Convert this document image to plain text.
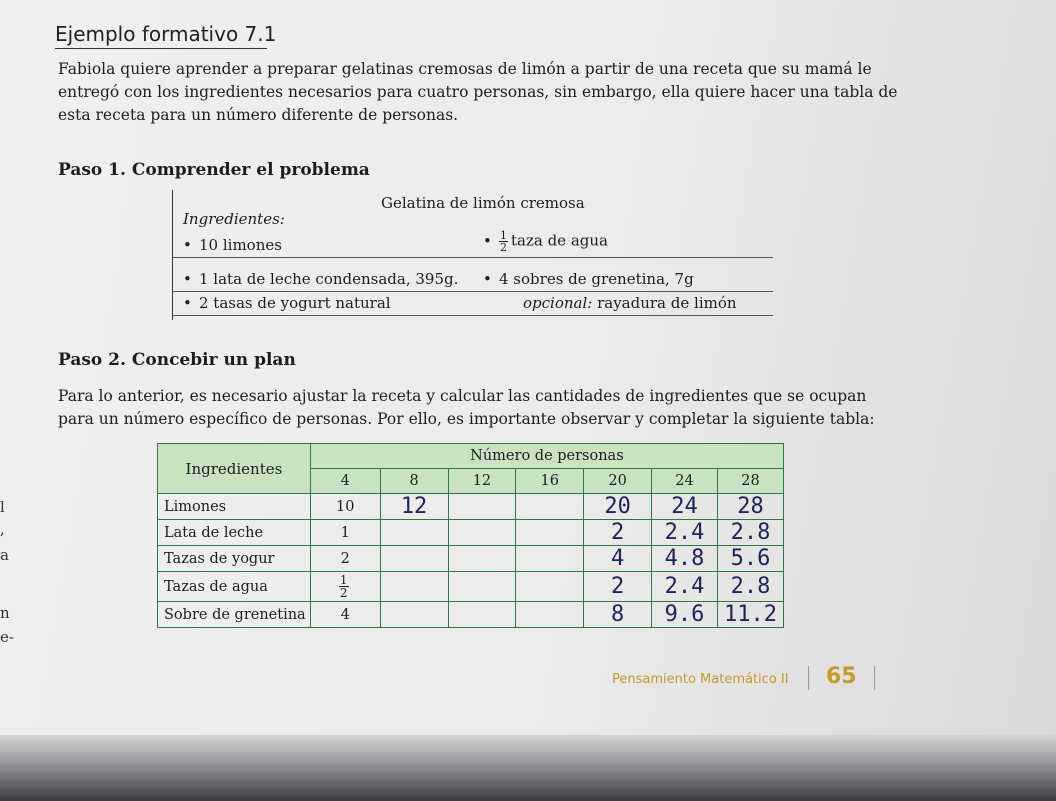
Ejemplo formativo 7.1

Fabiola quiere aprender a preparar gelatinas cremosas de limón a partir de una receta que su mamá le entregó con los ingredientes necesarios para cuatro personas, sin embargo, ella quiere hacer una tabla de esta receta para un número diferente de personas.

Paso 1. Comprender el problema

Gelatina de limón cremosa
Ingredientes:
• 10 limones	• $\frac{1}{2}$ taza de agua
• 1 lata de leche condensada, 395g. • 4 sobres de grenetina, 7g
• 2 tasas de yogurt natural	opcional: rayadura de limón

Paso 2. Concebir un plan

Para lo anterior, es necesario ajustar la receta y calcular las cantidades de ingredientes que se ocupan para un número específico de personas. Por ello, es importante observar y completar la siguiente tabla:

l
,
a
n
e-
Ingredientes	Número de personas						
	4	8	12	16	20	24	28
Limones	10	12			20	24	28
Lata de leche	1				2	2.4	2.8
Tazas de yogur	2				4	4.8	5.6
Tazas de agua	$\frac{1}{2}$				2	2.4	2.8
Sobre de grenetina	4				8	9.6	11.2
Pensamiento Matemático II 65
